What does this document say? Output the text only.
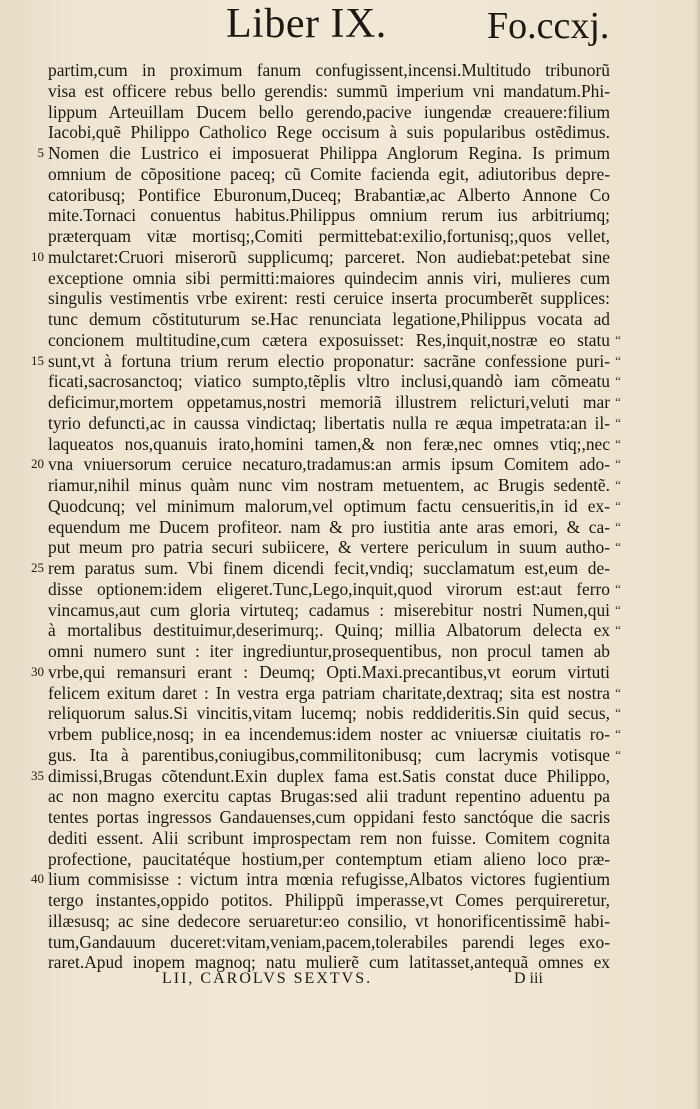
Liber IX.	Fo.ccxj.
partim,cum in proximum fanum confugissent,incensi.Multitudo tribunorũ
visa est officere rebus bello gerendis: summũ imperium vni mandatum.Phi-
lippum Arteuillam Ducem bello gerendo,pacive iungendæ creauere:filium
Iacobi,quẽ Philippo Catholico Rege occisum à suis popularibus ostẽdimus.
5 Nomen die Lustrico ei imposuerat Philippa Anglorum Regina. Is primum
omnium de cõpositione paceq; cũ Comite facienda egit, adiutoribus depre-
catoribusq; Pontifice Eburonum,Duceq; Brabantiæ,ac Alberto Annone Co
mite.Tornaci conuentus habitus.Philippus omnium rerum ius arbitriumq;
præterquam vitæ mortisq;,Comiti permittebat:exilio,fortunisq;,quos vellet,
10 mulctaret:Cruori miserorũ supplicumq; parceret. Non audiebat:petebat sine
exceptione omnia sibi permitti:maiores quindecim annis viri, mulieres cum
singulis vestimentis vrbe exirent: resti ceruice inserta procumberẽt supplices:
tunc demum cõstituturum se.Hac renunciata legatione,Philippus vocata ad
concionem multitudine,cum cætera exposuisset: Res,inquit,nostræ eo statu “
15 sunt,vt à fortuna trium rerum electio proponatur: sacrãne confessione puri- “
ficati,sacrosanctoq; viatico sumpto,tẽplis vltro inclusi,quandò iam cõmeatu “
deficimur,mortem oppetamus,nostri memoriã illustrem relicturi,veluti mar “
tyrio defuncti,ac in caussa vindictaq; libertatis nulla re æqua impetrata:an il- “
laqueatos nos,quanuis irato,homini tamen,& non feræ,nec omnes vtiq;,nec “
20 vna vniuersorum ceruice necaturo,tradamus:an armis ipsum Comitem ado- “
riamur,nihil minus quàm nunc vim nostram metuentem, ac Brugis sedentẽ. “
Quodcunq; vel minimum malorum,vel optimum factu censueritis,in id ex- “
equendum me Ducem profiteor. nam & pro iustitia ante aras emori, & ca- “
put meum pro patria securi subiicere, & vertere periculum in suum autho- “
25 rem paratus sum. Vbi finem dicendi fecit,vndiq; succlamatum est,eum de-
disse optionem:idem eligeret.Tunc,Lego,inquit,quod virorum est:aut ferro “
vincamus,aut cum gloria virtuteq; cadamus : miserebitur nostri Numen,qui “
à mortalibus destituimur,deserimurq;. Quinq; millia Albatorum delecta ex “
omni numero sunt : iter ingrediuntur,prosequentibus, non procul tamen ab
30 vrbe,qui remansuri erant : Deumq; Opti.Maxi.precantibus,vt eorum virtuti
felicem exitum daret : In vestra erga patriam charitate,dextraq; sita est nostra “
reliquorum salus.Si vincitis,vitam lucemq; nobis reddideritis.Sin quid secus, “
vrbem publice,nosq; in ea incendemus:idem noster ac vniuersæ ciuitatis ro- “
gus. Ita à parentibus,coniugibus,commilitonibusq; cum lacrymis votisque “
35 dimissi,Brugas cõtendunt.Exin duplex fama est.Satis constat duce Philippo,
ac non magno exercitu captas Brugas:sed alii tradunt repentino aduentu pa
tentes portas ingressos Gandauenses,cum oppidani festo sanctóque die sacris
dediti essent. Alii scribunt improspectam rem non fuisse. Comitem cognita
profectione, paucitatéque hostium,per contemptum etiam alieno loco præ-
40 lium commisisse : victum intra mœnia refugisse,Albatos victores fugientium
tergo instantes,oppido potitos. Philippũ imperasse,vt Comes perquireretur,
illæsusq; ac sine dedecore seruaretur:eo consilio, vt honorificentissimẽ habi-
tum,Gandauum duceret:vitam,veniam,pacem,tolerabiles parendi leges exo-
raret.Apud inopem magnoq; natu mulierẽ cum latitasset,antequã omnes ex
LII, CAROLVS SEXTVS.	D iii
